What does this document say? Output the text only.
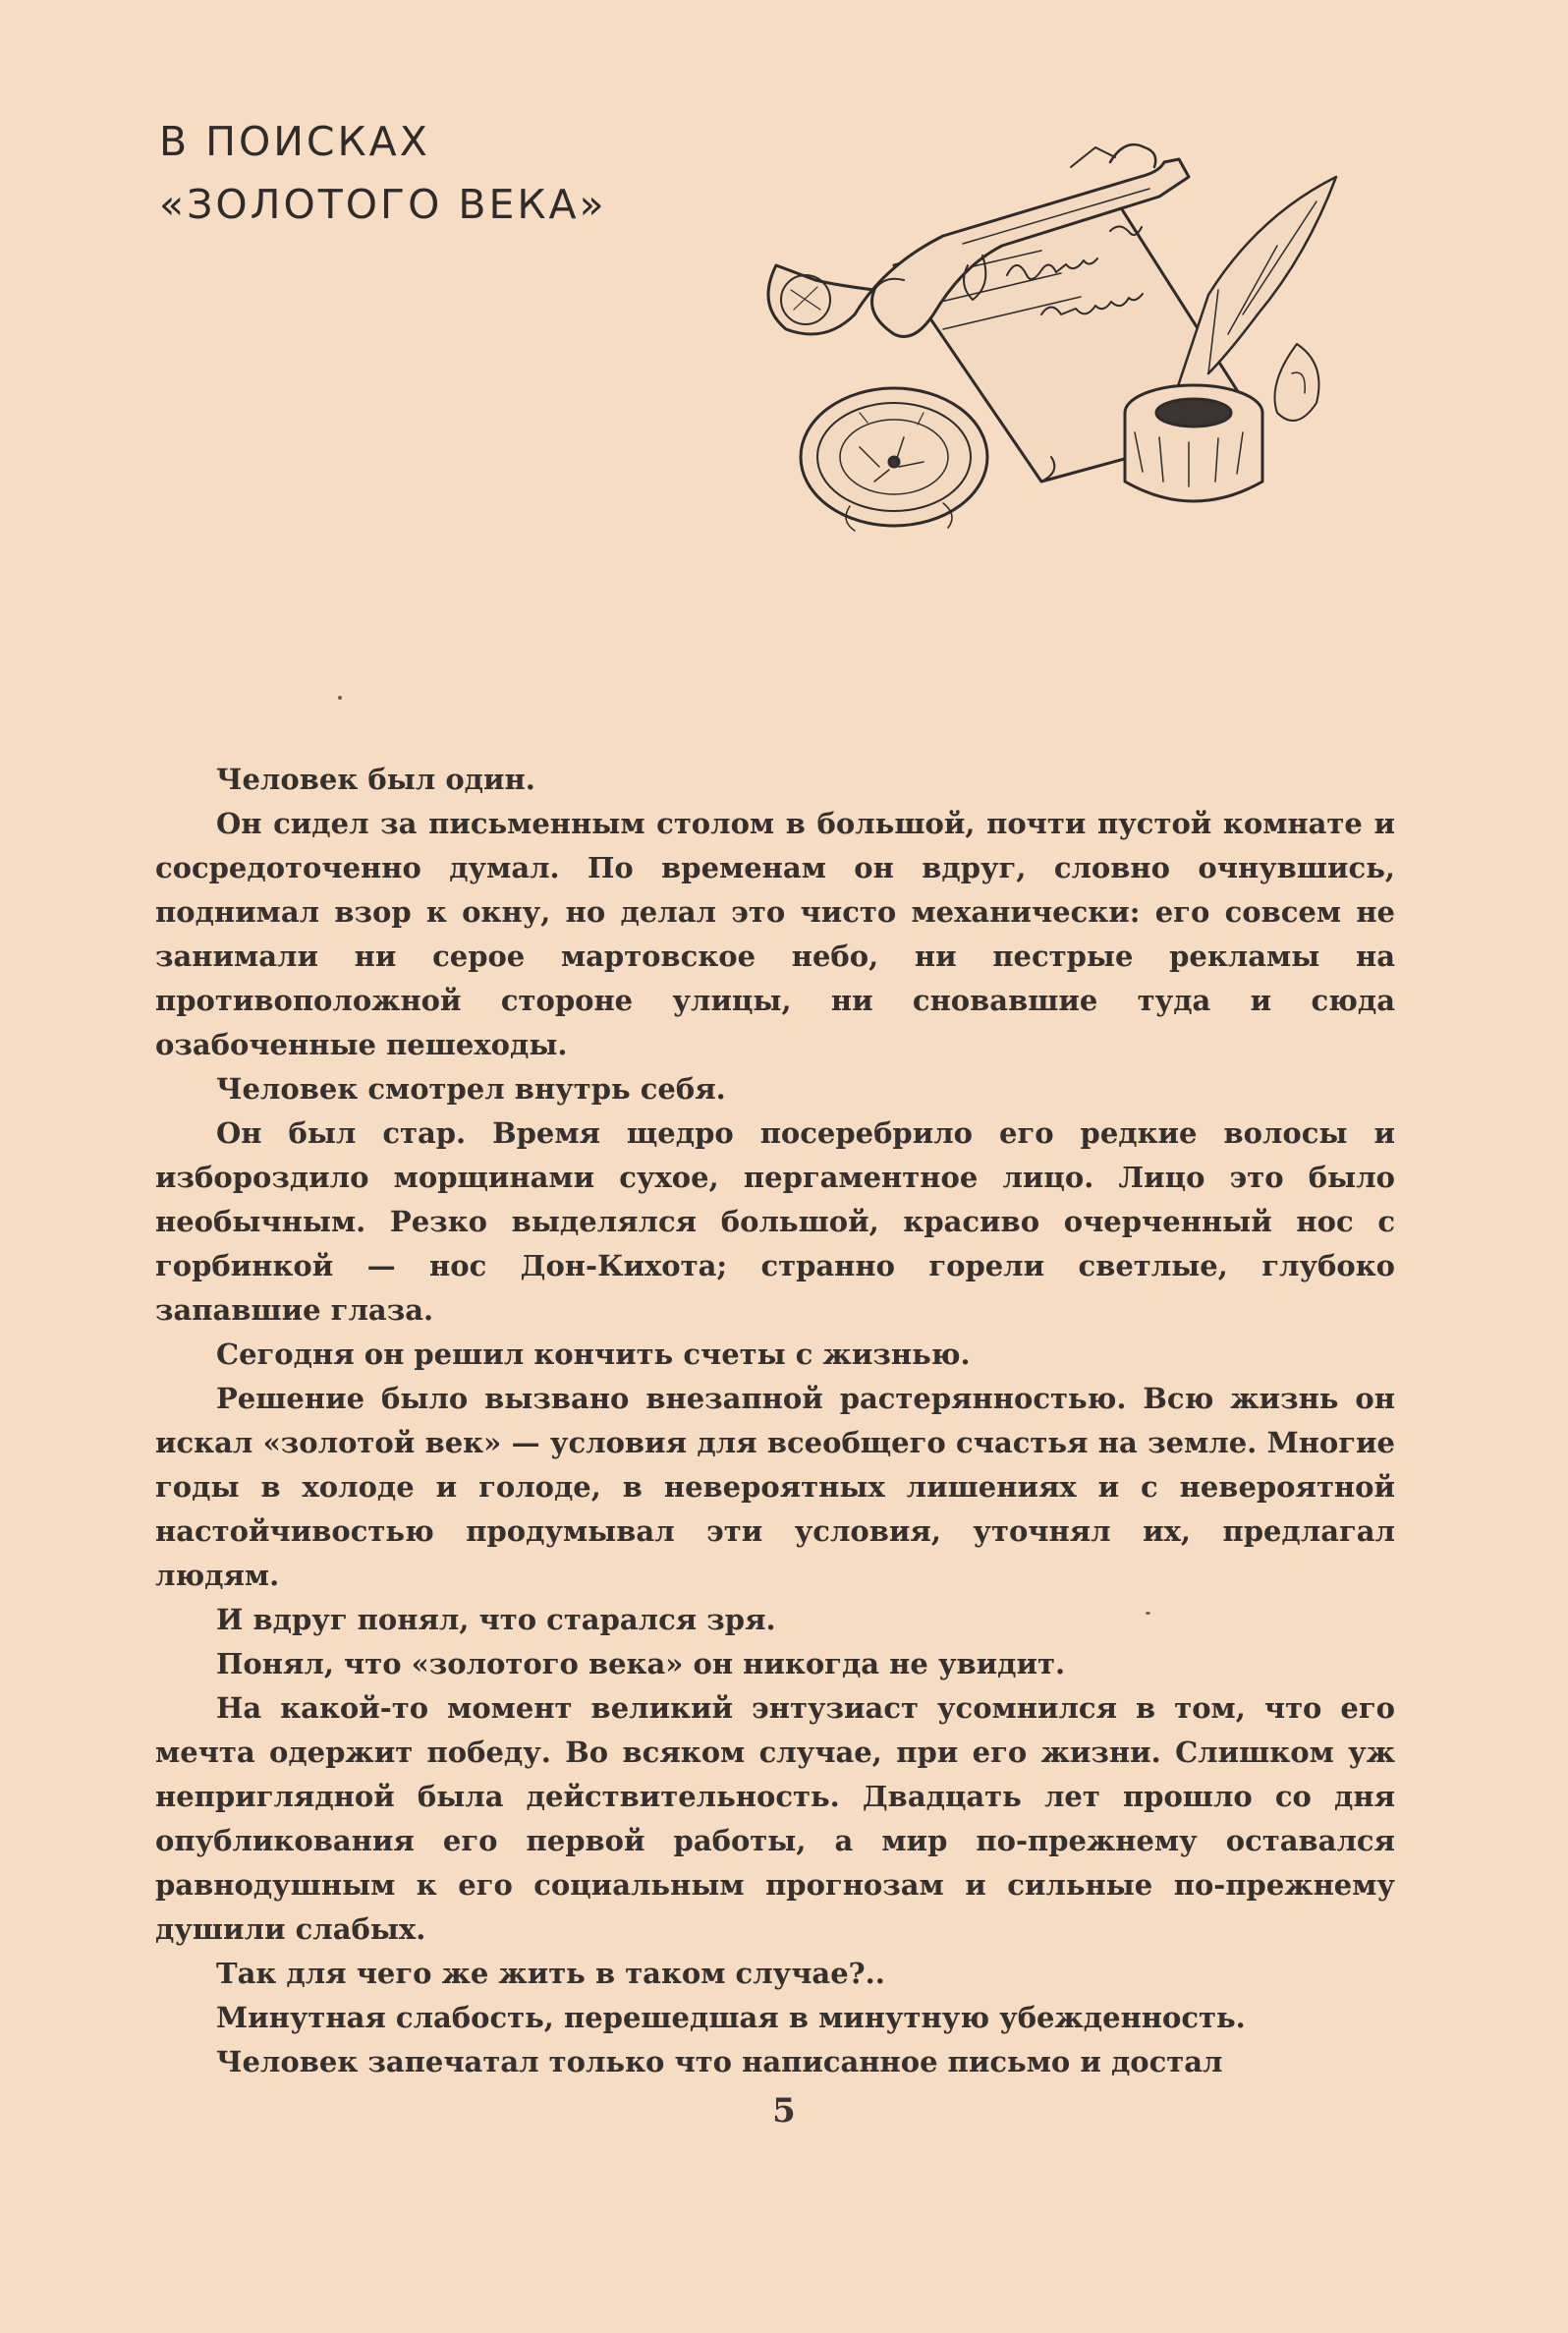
В ПОИСКАХ
«ЗОЛОТОГО ВЕКА»

Человек был один.

Он сидел за письменным столом в большой, почти пустой комнате и сосредоточенно думал. По временам он вдруг, словно очнувшись, поднимал взор к окну, но делал это чисто механически: его совсем не занимали ни серое мартовское небо, ни пестрые рекламы на противоположной стороне улицы, ни сновавшие туда и сюда озабоченные пешеходы.

Человек смотрел внутрь себя.

Он был стар. Время щедро посеребрило его редкие волосы и избороздило морщинами сухое, пергаментное лицо. Лицо это было необычным. Резко выделялся большой, красиво очерченный нос с горбинкой — нос Дон-Кихота; странно горели светлые, глубоко запавшие глаза.

Сегодня он решил кончить счеты с жизнью.

Решение было вызвано внезапной растерянностью. Всю жизнь он искал «золотой век» — условия для всеобщего счастья на земле. Многие годы в холоде и голоде, в невероятных лишениях и с невероятной настойчивостью продумывал эти условия, уточнял их, предлагал людям.

И вдруг понял, что старался зря.

Понял, что «золотого века» он никогда не увидит.

На какой-то момент великий энтузиаст усомнился в том, что его мечта одержит победу. Во всяком случае, при его жизни. Слишком уж неприглядной была действительность. Двадцать лет прошло со дня опубликования его первой работы, а мир по-прежнему оставался равнодушным к его социальным прогнозам и сильные по-прежнему душили слабых.

Так для чего же жить в таком случае?..

Минутная слабость, перешедшая в минутную убежденность.

Человек запечатал только что написанное письмо и достал

5
